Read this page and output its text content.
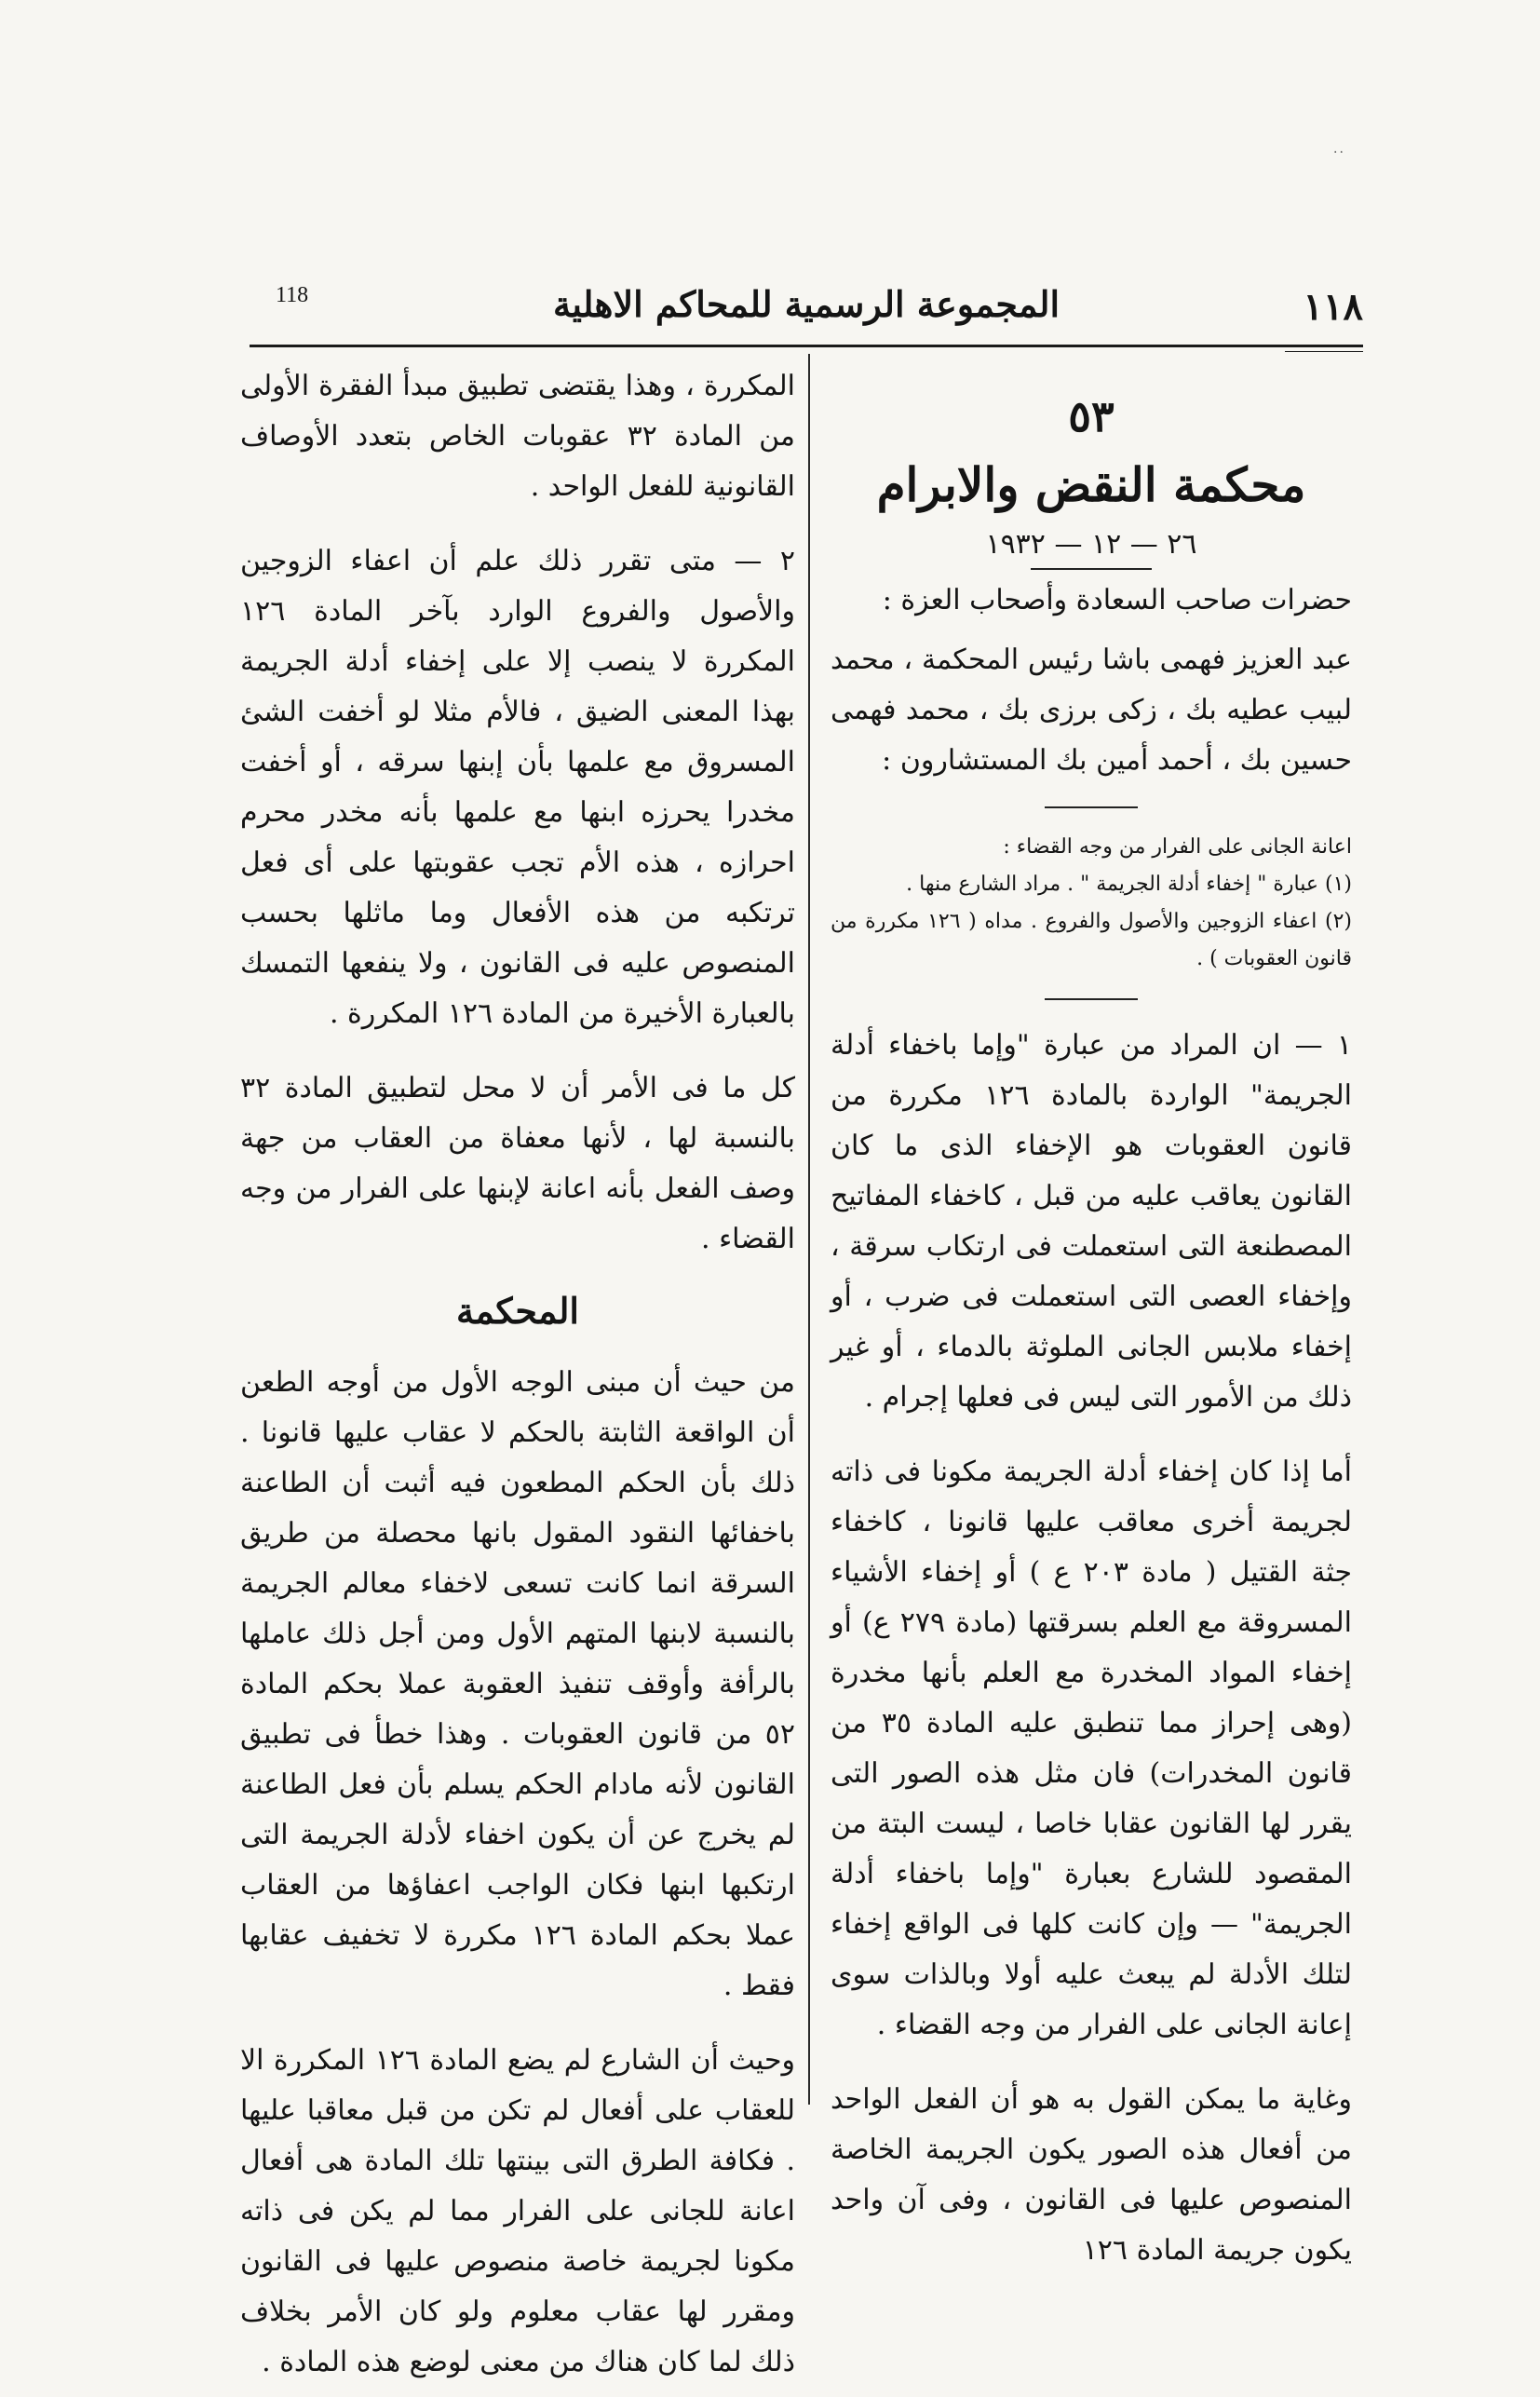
..
118	المجموعة الرسمية للمحاكم الاهلية	١١٨
٥٣
محكمة النقض والابرام
٢٦ — ١٢ — ١٩٣٢

حضرات صاحب السعادة وأصحاب العزة :

عبد العزيز فهمى باشا رئيس المحكمة ، محمد لبيب عطيه بك ، زكى برزى بك ، محمد فهمى حسين بك ، أحمد أمين بك المستشارون :

اعانة الجانى على الفرار من وجه القضاء :

(١) عبارة " إخفاء أدلة الجريمة " . مراد الشارع منها .

(٢) اعفاء الزوجين والأصول والفروع . مداه ( ١٢٦ مكررة من قانون العقوبات ) .

١ — ان المراد من عبارة "وإما باخفاء أدلة الجريمة" الواردة بالمادة ١٢٦ مكررة من قانون العقوبات هو الإخفاء الذى ما كان القانون يعاقب عليه من قبل ، كاخفاء المفاتيح المصطنعة التى استعملت فى ارتكاب سرقة ، وإخفاء العصى التى استعملت فى ضرب ، أو إخفاء ملابس الجانى الملوثة بالدماء ، أو غير ذلك من الأمور التى ليس فى فعلها إجرام .

أما إذا كان إخفاء أدلة الجريمة مكونا فى ذاته لجريمة أخرى معاقب عليها قانونا ، كاخفاء جثة القتيل ( مادة ٢٠٣ ع ) أو إخفاء الأشياء المسروقة مع العلم بسرقتها (مادة ٢٧٩ ع) أو إخفاء المواد المخدرة مع العلم بأنها مخدرة (وهى إحراز مما تنطبق عليه المادة ٣٥ من قانون المخدرات) فان مثل هذه الصور التى يقرر لها القانون عقابا خاصا ، ليست البتة من المقصود للشارع بعبارة "وإما باخفاء أدلة الجريمة" — وإن كانت كلها فى الواقع إخفاء لتلك الأدلة لم يبعث عليه أولا وبالذات سوى إعانة الجانى على الفرار من وجه القضاء .

وغاية ما يمكن القول به هو أن الفعل الواحد من أفعال هذه الصور يكون الجريمة الخاصة المنصوص عليها فى القانون ، وفى آن واحد يكون جريمة المادة ١٢٦

المكررة ، وهذا يقتضى تطبيق مبدأ الفقرة الأولى من المادة ٣٢ عقوبات الخاص بتعدد الأوصاف القانونية للفعل الواحد .

٢ — متى تقرر ذلك علم أن اعفاء الزوجين والأصول والفروع الوارد بآخر المادة ١٢٦ المكررة لا ينصب إلا على إخفاء أدلة الجريمة بهذا المعنى الضيق ، فالأم مثلا لو أخفت الشئ المسروق مع علمها بأن إبنها سرقه ، أو أخفت مخدرا يحرزه ابنها مع علمها بأنه مخدر محرم احرازه ، هذه الأم تجب عقوبتها على أى فعل ترتكبه من هذه الأفعال وما ماثلها بحسب المنصوص عليه فى القانون ، ولا ينفعها التمسك بالعبارة الأخيرة من المادة ١٢٦ المكررة .

كل ما فى الأمر أن لا محل لتطبيق المادة ٣٢ بالنسبة لها ، لأنها معفاة من العقاب من جهة وصف الفعل بأنه اعانة لإبنها على الفرار من وجه القضاء .

المحكمة

من حيث أن مبنى الوجه الأول من أوجه الطعن أن الواقعة الثابتة بالحكم لا عقاب عليها قانونا . ذلك بأن الحكم المطعون فيه أثبت أن الطاعنة باخفائها النقود المقول بانها محصلة من طريق السرقة انما كانت تسعى لاخفاء معالم الجريمة بالنسبة لابنها المتهم الأول ومن أجل ذلك عاملها بالرأفة وأوقف تنفيذ العقوبة عملا بحكم المادة ٥٢ من قانون العقوبات . وهذا خطأ فى تطبيق القانون لأنه مادام الحكم يسلم بأن فعل الطاعنة لم يخرج عن أن يكون اخفاء لأدلة الجريمة التى ارتكبها ابنها فكان الواجب اعفاؤها من العقاب عملا بحكم المادة ١٢٦ مكررة لا تخفيف عقابها فقط .

وحيث أن الشارع لم يضع المادة ١٢٦ المكررة الا للعقاب على أفعال لم تكن من قبل معاقبا عليها . فكافة الطرق التى بينتها تلك المادة هى أفعال اعانة للجانى على الفرار مما لم يكن فى ذاته مكونا لجريمة خاصة منصوص عليها فى القانون ومقرر لها عقاب معلوم ولو كان الأمر بخلاف ذلك لما كان هناك من معنى لوضع هذه المادة .
